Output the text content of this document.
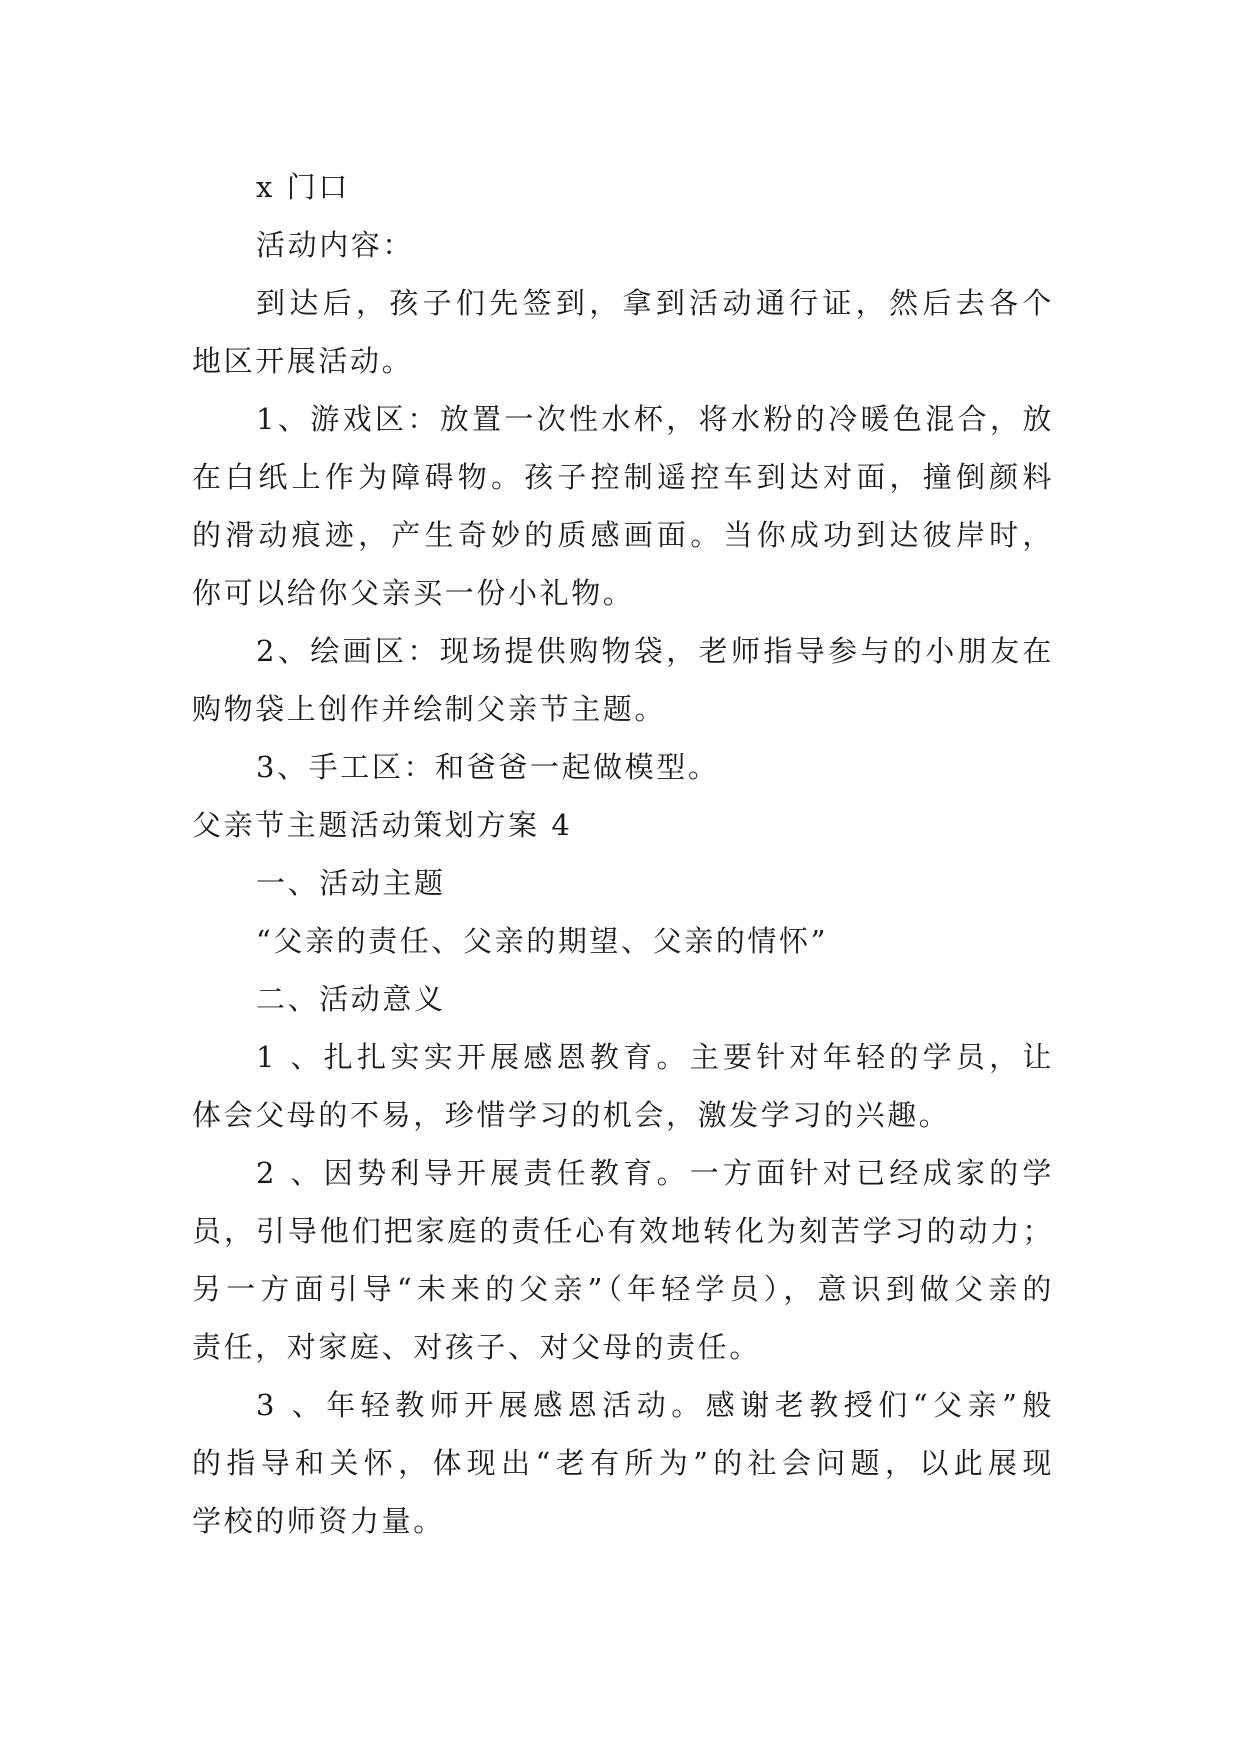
x 门口
活动内容：
到达后，孩子们先签到，拿到活动通行证，然后去各个
地区开展活动。
1、游戏区：放置一次性水杯，将水粉的冷暖色混合，放
在白纸上作为障碍物。孩子控制遥控车到达对面，撞倒颜料
的滑动痕迹，产生奇妙的质感画面。当你成功到达彼岸时，
你可以给你父亲买一份小礼物。
2、绘画区：现场提供购物袋，老师指导参与的小朋友在
购物袋上创作并绘制父亲节主题。
3、手工区：和爸爸一起做模型。
父亲节主题活动策划方案 4
一、活动主题
“父亲的责任、父亲的期望、父亲的情怀”
二、活动意义
1 、扎扎实实开展感恩教育。主要针对年轻的学员，让
体会父母的不易，珍惜学习的机会，激发学习的兴趣。
2 、因势利导开展责任教育。一方面针对已经成家的学
员，引导他们把家庭的责任心有效地转化为刻苦学习的动力；
另一方面引导“未来的父亲”（年轻学员），意识到做父亲的
责任，对家庭、对孩子、对父母的责任。
3 、年轻教师开展感恩活动。感谢老教授们“父亲”般
的指导和关怀，体现出“老有所为”的社会问题，以此展现
学校的师资力量。
